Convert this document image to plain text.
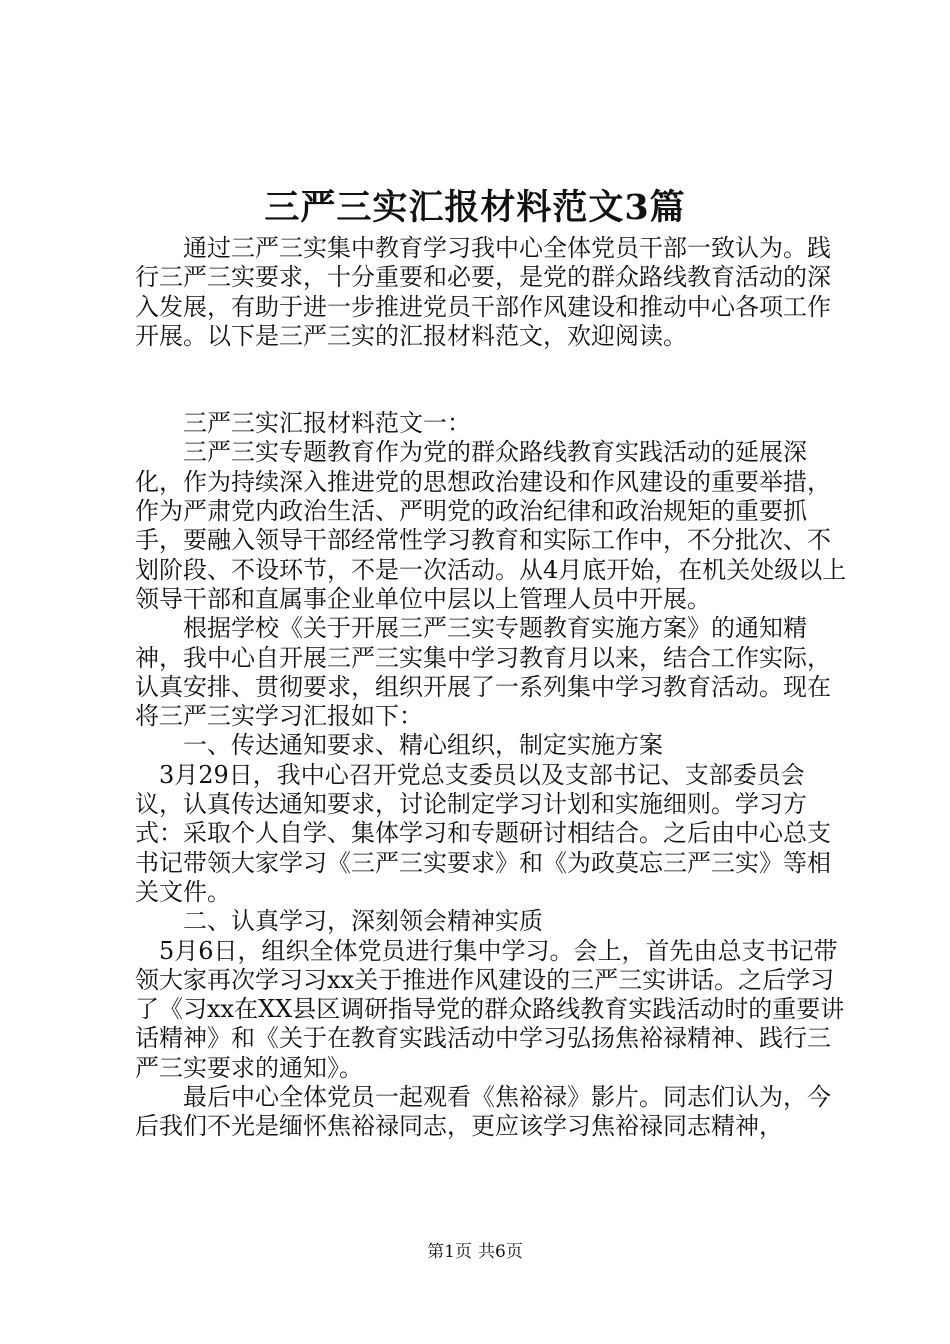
三严三实汇报材料范文3篇

　　通过三严三实集中教育学习我中心全体党员干部一致认为。践行三严三实要求，十分重要和必要，是党的群众路线教育活动的深入发展，有助于进一步推进党员干部作风建设和推动中心各项工作开展。以下是三严三实的汇报材料范文，欢迎阅读。

　　三严三实汇报材料范文一：

　　三严三实专题教育作为党的群众路线教育实践活动的延展深化，作为持续深入推进党的思想政治建设和作风建设的重要举措，作为严肃党内政治生活、严明党的政治纪律和政治规矩的重要抓手，要融入领导干部经常性学习教育和实际工作中，不分批次、不划阶段、不设环节，不是一次活动。从4月底开始，在机关处级以上领导干部和直属事企业单位中层以上管理人员中开展。

　　根据学校《关于开展三严三实专题教育实施方案》的通知精神，我中心自开展三严三实集中学习教育月以来，结合工作实际，认真安排、贯彻要求，组织开展了一系列集中学习教育活动。现在将三严三实学习汇报如下：

　　一、传达通知要求、精心组织，制定实施方案

　3月29日，我中心召开党总支委员以及支部书记、支部委员会议，认真传达通知要求，讨论制定学习计划和实施细则。学习方式：采取个人自学、集体学习和专题研讨相结合。之后由中心总支书记带领大家学习《三严三实要求》和《为政莫忘三严三实》等相关文件。

　　二、认真学习，深刻领会精神实质

　5月6日，组织全体党员进行集中学习。会上，首先由总支书记带领大家再次学习习xx关于推进作风建设的三严三实讲话。之后学习了《习xx在XX县区调研指导党的群众路线教育实践活动时的重要讲话精神》和《关于在教育实践活动中学习弘扬焦裕禄精神、践行三严三实要求的通知》。

　　最后中心全体党员一起观看《焦裕禄》影片。同志们认为，今后我们不光是缅怀焦裕禄同志，更应该学习焦裕禄同志精神，

第1页 共6页
